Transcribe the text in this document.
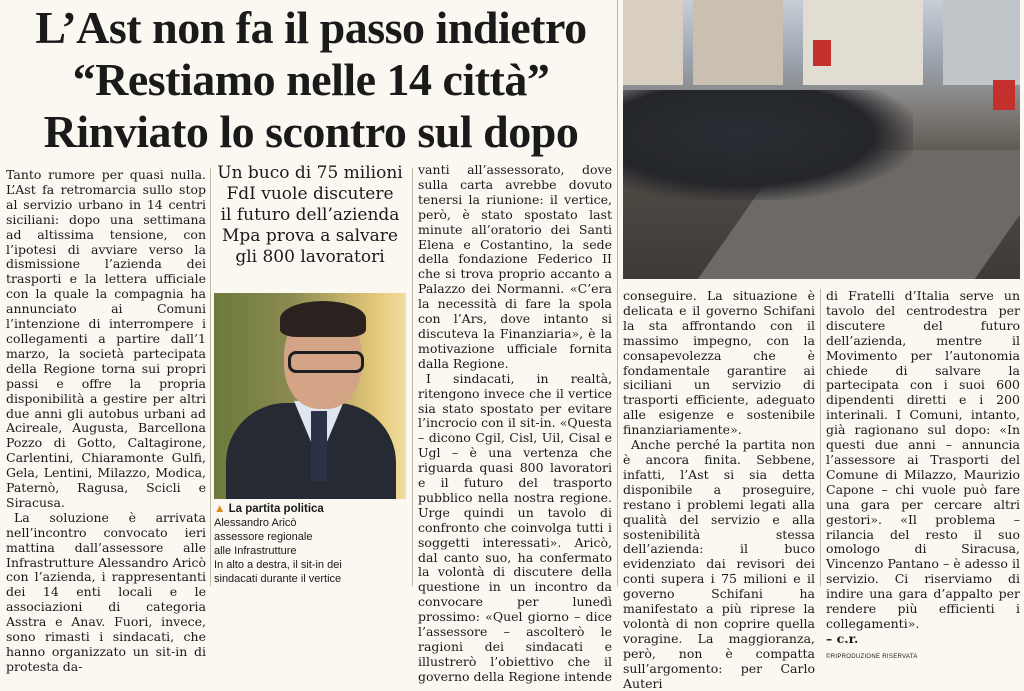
L’Ast non fa il passo indietro
“Restiamo nelle 14 città”
Rinviato lo scontro sul dopo

Tanto rumore per quasi nulla. L’Ast fa retromarcia sullo stop al servizio urbano in 14 centri siciliani: dopo una settimana ad altissima tensione, con l’ipotesi di avviare verso la dismissione l’azienda dei trasporti e la lettera ufficiale con la quale la compagnia ha annunciato ai Comuni l’intenzione di interrompere i collegamenti a partire dall’1 marzo, la società partecipata della Regione torna sui propri passi e offre la propria disponibilità a gestire per altri due anni gli autobus urbani ad Acireale, Augusta, Barcellona Pozzo di Gotto, Caltagirone, Carlentini, Chiaramonte Gulfi, Gela, Lentini, Milazzo, Modica, Paternò, Ragusa, Scicli e Siracusa.

La soluzione è arrivata nell’incontro convocato ieri mattina dall’assessore alle Infrastrutture Alessandro Aricò con l’azienda, i rappresentanti dei 14 enti locali e le associazioni di categoria Asstra e Anav. Fuori, invece, sono rimasti i sindacati, che hanno organizzato un sit-in di protesta da-

Un buco di 75 milioni
FdI vuole discutere
il futuro dell’azienda
Mpa prova a salvare
gli 800 lavoratori
▲ La partita politica
Alessandro Aricò
assessore regionale
alle Infrastrutture
In alto a destra, il sit-in dei
sindacati durante il vertice

vanti all’assessorato, dove sulla carta avrebbe dovuto tenersi la riunione: il vertice, però, è stato spostato last minute all’oratorio dei Santi Elena e Costantino, la sede della fondazione Federico II che si trova proprio accanto a Palazzo dei Normanni. «C’era la necessità di fare la spola con l’Ars, dove intanto si discuteva la Finanziaria», è la motivazione ufficiale fornita dalla Regione.

I sindacati, in realtà, ritengono invece che il vertice sia stato spostato per evitare l’incrocio con il sit-in. «Questa – dicono Cgil, Cisl, Uil, Cisal e Ugl – è una vertenza che riguarda quasi 800 lavoratori e il futuro del trasporto pubblico nella nostra regione. Urge quindi un tavolo di confronto che coinvolga tutti i soggetti interessati». Aricò, dal canto suo, ha confermato la volontà di discutere della questione in un incontro da convocare per lunedì prossimo: «Quel giorno – dice l’assessore – ascolterò le ragioni dei sindacati e illustrerò l’obiettivo che il governo della Regione intende

conseguire. La situazione è delicata e il governo Schifani la sta affrontando con il massimo impegno, con la consapevolezza che è fondamentale garantire ai siciliani un servizio di trasporti efficiente, adeguato alle esigenze e sostenibile finanziariamente».

Anche perché la partita non è ancora finita. Sebbene, infatti, l’Ast si sia detta disponibile a proseguire, restano i problemi legati alla qualità del servizio e alla sostenibilità stessa dell’azienda: il buco evidenziato dai revisori dei conti supera i 75 milioni e il governo Schifani ha manifestato a più riprese la volontà di non coprire quella voragine. La maggioranza, però, non è compatta sull’argomento: per Carlo Auteri

di Fratelli d’Italia serve un tavolo del centrodestra per discutere del futuro dell’azienda, mentre il Movimento per l’autonomia chiede di salvare la partecipata con i suoi 600 dipendenti diretti e i 200 interinali. I Comuni, intanto, già ragionano sul dopo: «In questi due anni – annuncia l’assessore ai Trasporti del Comune di Milazzo, Maurizio Capone – chi vuole può fare una gara per cercare altri gestori». «Il problema – rilancia del resto il suo omologo di Siracusa, Vincenzo Pantano – è adesso il servizio. Ci riserviamo di indire una gara d’appalto per rendere più efficienti i collegamenti».

– c.r.

©RIPRODUZIONE RISERVATA
